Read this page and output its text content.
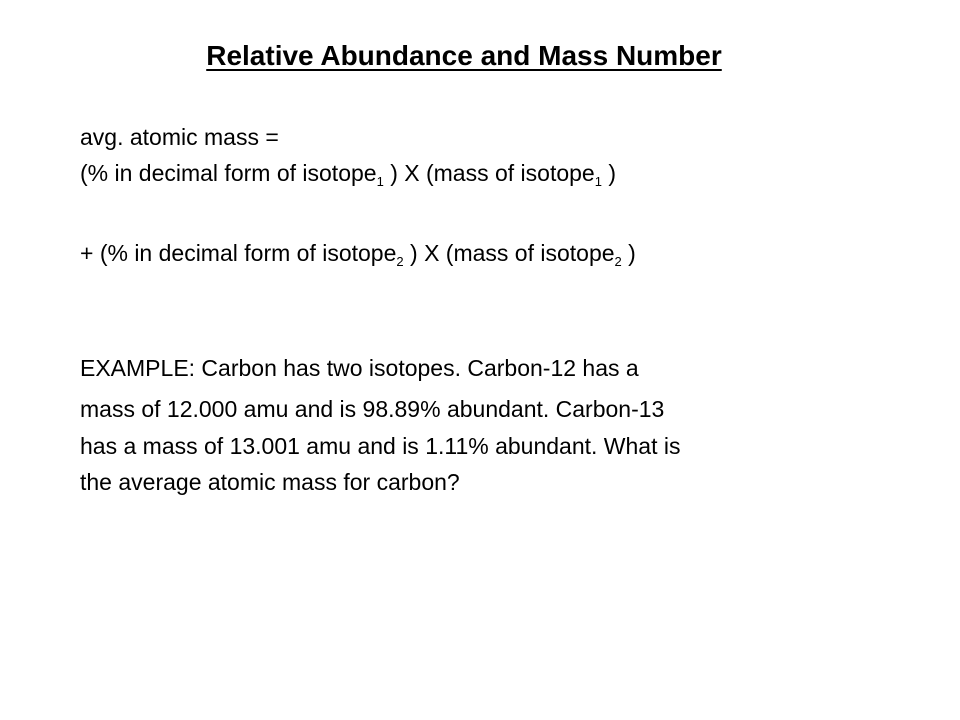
Relative Abundance and Mass Number
avg. atomic mass =
(% in decimal form of isotope$_1$ ) X (mass of isotope$_1$ )
+ (% in decimal form of isotope$_2$ ) X (mass of isotope$_2$ )
EXAMPLE: Carbon has two isotopes. Carbon-12 has a
mass of 12.000 amu and is 98.89% abundant. Carbon-13
has a mass of 13.001 amu and is 1.11% abundant. What is
the average atomic mass for carbon?
